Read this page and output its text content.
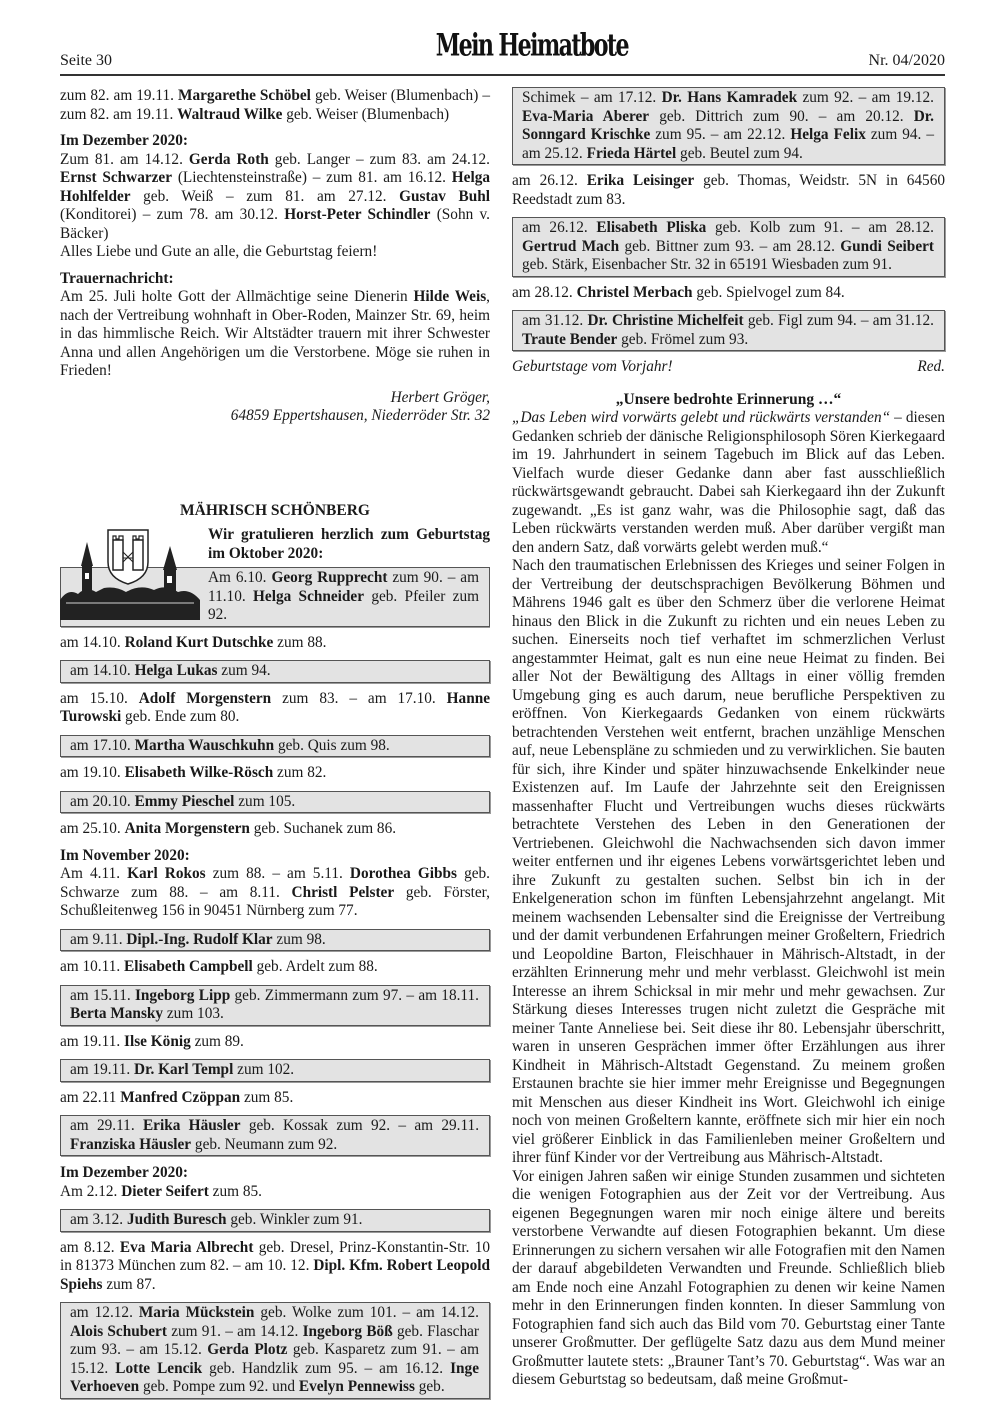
Seite 30	Mein Heimatbote	Nr. 04/2020
zum 82. am 19.11. Margarethe Schöbel geb. Weiser (Blumenbach) – zum 82. am 19.11. Waltraud Wilke geb. Weiser (Blumenbach)
Im Dezember 2020:
Zum 81. am 14.12. Gerda Roth geb. Langer – zum 83. am 24.12. Ernst Schwarzer (Liechtensteinstraße) – zum 81. am 16.12. Helga Hohlfelder geb. Weiß – zum 81. am 27.12. Gustav Buhl (Konditorei) – zum 78. am 30.12. Horst-Peter Schindler (Sohn v. Bäcker)
Alles Liebe und Gute an alle, die Geburtstag feiern!
Trauernachricht:
Am 25. Juli holte Gott der Allmächtige seine Dienerin Hilde Weis, nach der Vertreibung wohnhaft in Ober-Roden, Mainzer Str. 69, heim in das himmlische Reich. Wir Altstädter trauern mit ihrer Schwester Anna und allen Angehörigen um die Verstorbene. Möge sie ruhen in Frieden!
Herbert Gröger,
64859 Eppertshausen, Niederröder Str. 32
MÄHRISCH SCHÖNBERG
Wir gratulieren herzlich zum Geburtstag im Oktober 2020:
Am 6.10. Georg Rupprecht zum 90. – am 11.10. Helga Schneider geb. Pfeiler zum 92.
am 14.10. Roland Kurt Dutschke zum 88.
am 14.10. Helga Lukas zum 94.
am 15.10. Adolf Morgenstern zum 83. – am 17.10. Hanne Turowski geb. Ende zum 80.
am 17.10. Martha Wauschkuhn geb. Quis zum 98.
am 19.10. Elisabeth Wilke-Rösch zum 82.
am 20.10. Emmy Pieschel zum 105.
am 25.10. Anita Morgenstern geb. Suchanek zum 86.
Im November 2020:
Am 4.11. Karl Rokos zum 88. – am 5.11. Dorothea Gibbs geb. Schwarze zum 88. – am 8.11. Christl Pelster geb. Förster, Schußleitenweg 156 in 90451 Nürnberg zum 77.
am 9.11. Dipl.-Ing. Rudolf Klar zum 98.
am 10.11. Elisabeth Campbell geb. Ardelt zum 88.
am 15.11. Ingeborg Lipp geb. Zimmermann zum 97. – am 18.11. Berta Mansky zum 103.
am 19.11. Ilse König zum 89.
am 19.11. Dr. Karl Templ zum 102.
am 22.11 Manfred Czöppan zum 85.
am 29.11. Erika Häusler geb. Kossak zum 92. – am 29.11. Franziska Häusler geb. Neumann zum 92.
Im Dezember 2020:
Am 2.12. Dieter Seifert zum 85.
am 3.12. Judith Buresch geb. Winkler zum 91.
am 8.12. Eva Maria Albrecht geb. Dresel, Prinz-Konstantin-Str. 10 in 81373 München zum 82. – am 10. 12. Dipl. Kfm. Robert Leopold Spiehs zum 87.
am 12.12. Maria Mückstein geb. Wolke zum 101. – am 14.12. Alois Schubert zum 91. – am 14.12. Ingeborg Böß geb. Flaschar zum 93. – am 15.12. Gerda Plotz geb. Kasparetz zum 91. – am 15.12. Lotte Lencik geb. Handzlik zum 95. – am 16.12. Inge Verhoeven geb. Pompe zum 92. und Evelyn Pennewiss geb.
Schimek – am 17.12. Dr. Hans Kamradek zum 92. – am 19.12. Eva-Maria Aberer geb. Dittrich zum 90. – am 20.12. Dr. Sonngard Krischke zum 95. – am 22.12. Helga Felix zum 94. – am 25.12. Frieda Härtel geb. Beutel zum 94.
am 26.12. Erika Leisinger geb. Thomas, Weidstr. 5N in 64560 Reedstadt zum 83.
am 26.12. Elisabeth Pliska geb. Kolb zum 91. – am 28.12. Gertrud Mach geb. Bittner zum 93. – am 28.12. Gundi Seibert geb. Stärk, Eisenbacher Str. 32 in 65191 Wiesbaden zum 91.
am 28.12. Christel Merbach geb. Spielvogel zum 84.
am 31.12. Dr. Christine Michelfeit geb. Figl zum 94. – am 31.12. Traute Bender geb. Frömel zum 93.
Geburtstage vom Vorjahr!	Red.
„Unsere bedrohte Erinnerung …“

„Das Leben wird vorwärts gelebt und rückwärts verstanden“ – diesen Gedanken schrieb der dänische Religionsphilosoph Sören Kierkegaard im 19. Jahrhundert in seinem Tagebuch im Blick auf das Leben. Vielfach wurde dieser Gedanke dann aber fast ausschließlich rückwärtsgewandt gebraucht. Dabei sah Kierkegaard ihn der Zukunft zugewandt. „Es ist ganz wahr, was die Philosophie sagt, daß das Leben rückwärts verstanden werden muß. Aber darüber vergißt man den andern Satz, daß vorwärts gelebt werden muß.“

Nach den traumatischen Erlebnissen des Krieges und seiner Folgen in der Vertreibung der deutschsprachigen Bevölkerung Böhmen und Mährens 1946 galt es über den Schmerz über die verlorene Heimat hinaus den Blick in die Zukunft zu richten und ein neues Leben zu suchen. Einerseits noch tief verhaftet im schmerzlichen Verlust angestammter Heimat, galt es nun eine neue Heimat zu finden. Bei aller Not der Bewältigung des Alltags in einer völlig fremden Umgebung ging es auch darum, neue berufliche Perspektiven zu eröffnen. Von Kierkegaards Gedanken von einem rückwärts betrachtenden Verstehen weit entfernt, brachen unzählige Menschen auf, neue Lebenspläne zu schmieden und zu verwirklichen. Sie bauten für sich, ihre Kinder und später hinzuwachsende Enkelkinder neue Existenzen auf. Im Laufe der Jahrzehnte seit den Ereignissen massenhafter Flucht und Vertreibungen wuchs dieses rückwärts betrachtete Verstehen des Leben in den Generationen der Vertriebenen. Gleichwohl die Nachwachsenden sich davon immer weiter entfernen und ihr eigenes Lebens vorwärtsgerichtet leben und ihre Zukunft zu gestalten suchen. Selbst bin ich in der Enkelgeneration schon im fünften Lebensjahrzehnt angelangt. Mit meinem wachsenden Lebensalter sind die Ereignisse der Vertreibung und der damit verbundenen Erfahrungen meiner Großeltern, Friedrich und Leopoldine Barton, Fleischhauer in Mährisch-Altstadt, in der erzählten Erinnerung mehr und mehr verblasst. Gleichwohl ist mein Interesse an ihrem Schicksal in mir mehr und mehr gewachsen. Zur Stärkung dieses Interesses trugen nicht zuletzt die Gespräche mit meiner Tante Anneliese bei. Seit diese ihr 80. Lebensjahr überschritt, waren in unseren Gesprächen immer öfter Erzählungen aus ihrer Kindheit in Mährisch-Altstadt Gegenstand. Zu meinem großen Erstaunen brachte sie hier immer mehr Ereignisse und Begegnungen mit Menschen aus dieser Kindheit ins Wort. Gleichwohl ich einige noch von meinen Großeltern kannte, eröffnete sich mir hier ein noch viel größerer Einblick in das Familienleben meiner Großeltern und ihrer fünf Kinder vor der Vertreibung aus Mährisch-Altstadt.

Vor einigen Jahren saßen wir einige Stunden zusammen und sichteten die wenigen Fotographien aus der Zeit vor der Vertreibung. Aus eigenen Begegnungen waren mir noch einige ältere und bereits verstorbene Verwandte auf diesen Fotographien bekannt. Um diese Erinnerungen zu sichern versahen wir alle Fotografien mit den Namen der darauf abgebildeten Verwandten und Freunde. Schließlich blieb am Ende noch eine Anzahl Fotographien zu denen wir keine Namen mehr in den Erinnerungen finden konnten. In dieser Sammlung von Fotographien fand sich auch das Bild vom 70. Geburtstag einer Tante unserer Großmutter. Der geflügelte Satz dazu aus dem Mund meiner Großmutter lautete stets: „Brauner Tant’s 70. Geburtstag“. Was war an diesem Geburtstag so bedeutsam, daß meine Großmut-
